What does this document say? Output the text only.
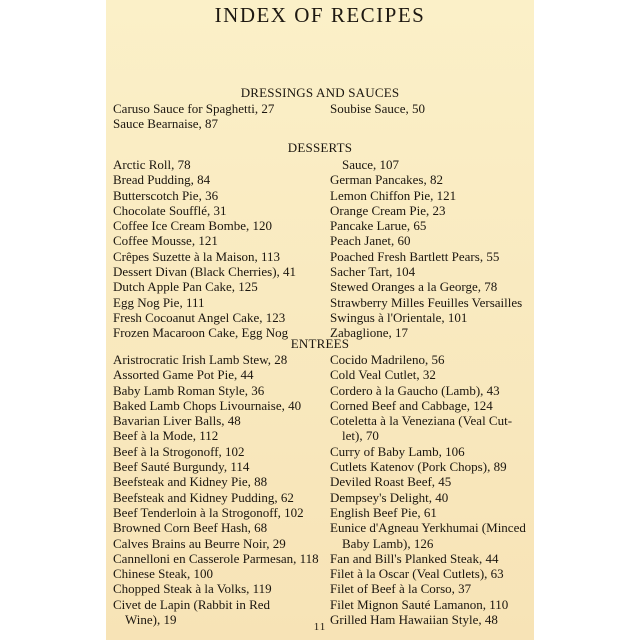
INDEX OF RECIPES
DRESSINGS AND SAUCES
Caruso Sauce for Spaghetti, 27
Sauce Bearnaise, 87
Soubise Sauce, 50
DESSERTS
Arctic Roll, 78
Bread Pudding, 84
Butterscotch Pie, 36
Chocolate Soufflé, 31
Coffee Ice Cream Bombe, 120
Coffee Mousse, 121
Crêpes Suzette à la Maison, 113
Dessert Divan (Black Cherries), 41
Dutch Apple Pan Cake, 125
Egg Nog Pie, 111
Fresh Cocoanut Angel Cake, 123
Frozen Macaroon Cake, Egg Nog
Sauce, 107
German Pancakes, 82
Lemon Chiffon Pie, 121
Orange Cream Pie, 23
Pancake Larue, 65
Peach Janet, 60
Poached Fresh Bartlett Pears, 55
Sacher Tart, 104
Stewed Oranges a la George, 78
Strawberry Milles Feuilles Versailles
Swingus à l'Orientale, 101
Zabaglione, 17
ENTREES
Aristrocratic Irish Lamb Stew, 28
Assorted Game Pot Pie, 44
Baby Lamb Roman Style, 36
Baked Lamb Chops Livournaise, 40
Bavarian Liver Balls, 48
Beef à la Mode, 112
Beef à la Strogonoff, 102
Beef Sauté Burgundy, 114
Beefsteak and Kidney Pie, 88
Beefsteak and Kidney Pudding, 62
Beef Tenderloin à la Strogonoff, 102
Browned Corn Beef Hash, 68
Calves Brains au Beurre Noir, 29
Cannelloni en Casserole Parmesan, 118
Chinese Steak, 100
Chopped Steak à la Volks, 119
Civet de Lapin (Rabbit in Red
Wine), 19
Cocido Madrileno, 56
Cold Veal Cutlet, 32
Cordero à la Gaucho (Lamb), 43
Corned Beef and Cabbage, 124
Coteletta à la Veneziana (Veal Cut-
let), 70
Curry of Baby Lamb, 106
Cutlets Katenov (Pork Chops), 89
Deviled Roast Beef, 45
Dempsey's Delight, 40
English Beef Pie, 61
Eunice d'Agneau Yerkhumai (Minced
Baby Lamb), 126
Fan and Bill's Planked Steak, 44
Filet à la Oscar (Veal Cutlets), 63
Filet of Beef à la Corso, 37
Filet Mignon Sauté Lamanon, 110
Grilled Ham Hawaiian Style, 48
11
